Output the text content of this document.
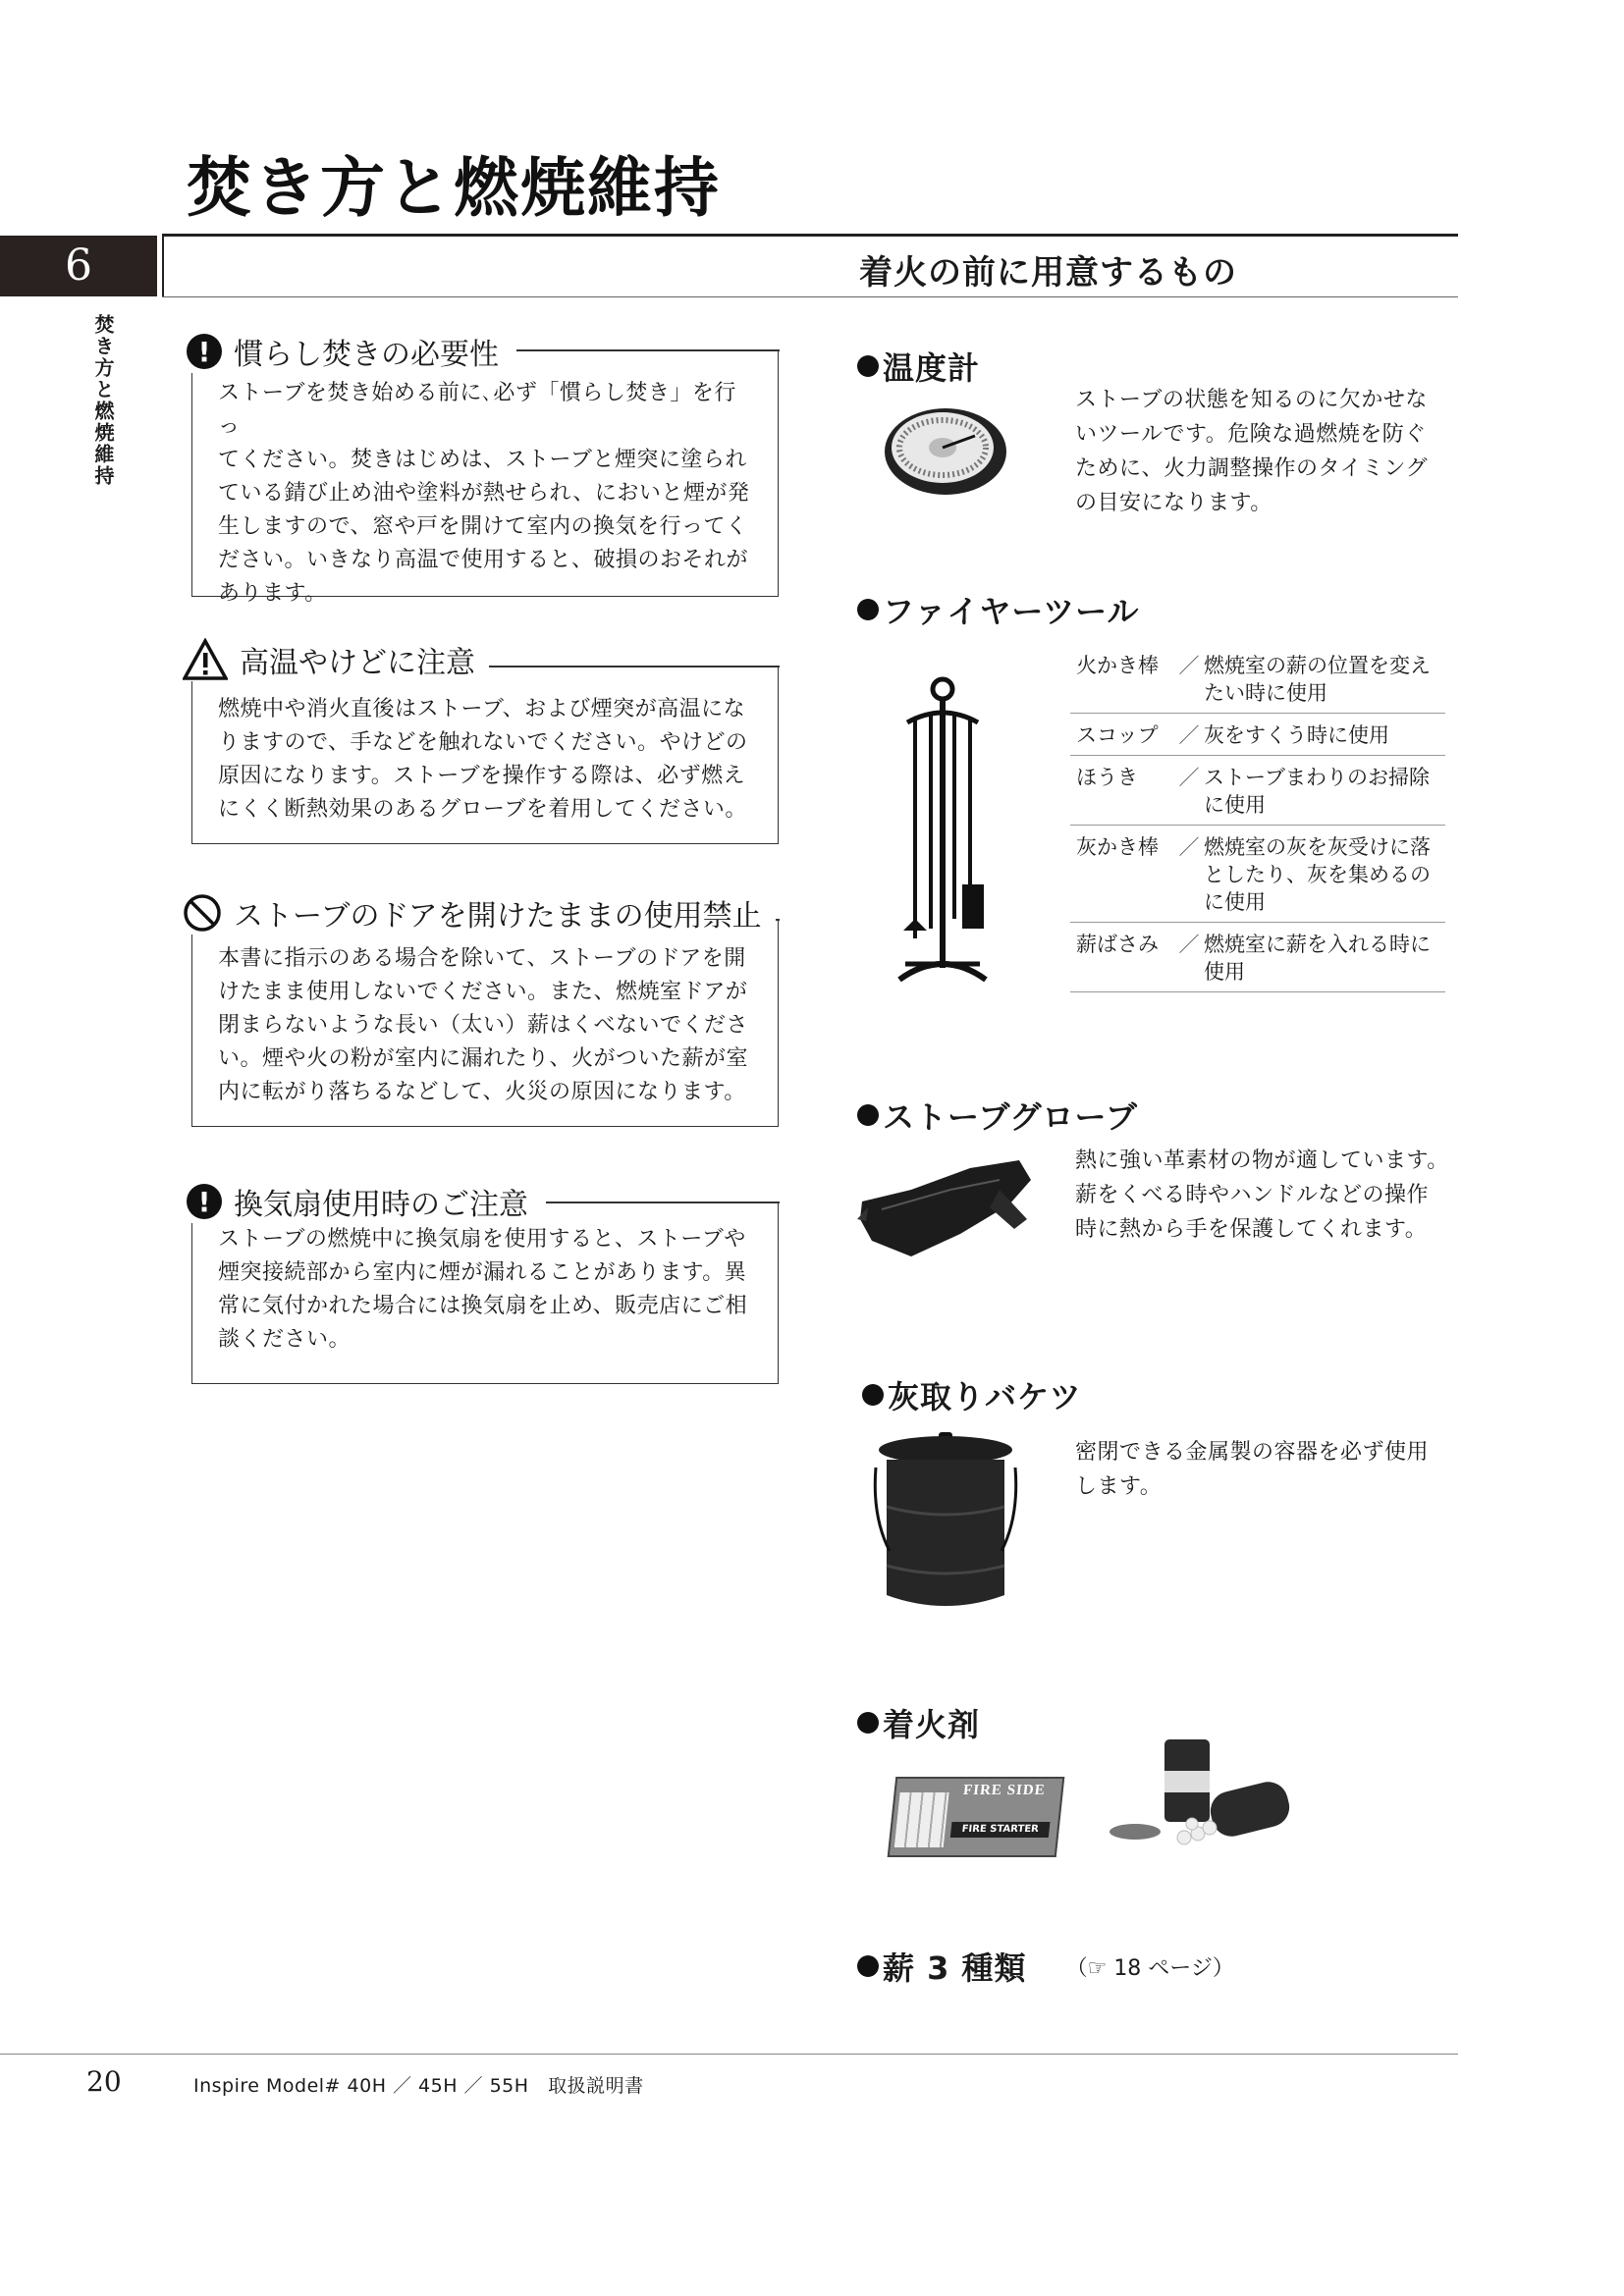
焚き方と燃焼維持
6	着火の前に用意するもの
焚き方と燃焼維持	ストーブを焚き始める前に､必ず「慣らし焚き」を行っ
てください。焚きはじめは、ストーブと煙突に塗られ
ている錆び止め油や塗料が熱せられ、においと煙が発
生しますので、窓や戸を開けて室内の換気を行ってく
ださい。いきなり高温で使用すると、破損のおそれが
あります。
! 慣らし焚きの必要性
燃焼中や消火直後はストーブ、および煙突が高温にな
りますので、手などを触れないでください。やけどの
原因になります。ストーブを操作する際は、必ず燃え
にくく断熱効果のあるグローブを着用してください。
高温やけどに注意
本書に指示のある場合を除いて、ストーブのドアを開
けたまま使用しないでください。また、燃焼室ドアが
閉まらないような長い（太い）薪はくべないでくださ
い。煙や火の粉が室内に漏れたり、火がついた薪が室
内に転がり落ちるなどして、火災の原因になります。
ストーブのドアを開けたままの使用禁止
ストーブの燃焼中に換気扇を使用すると、ストーブや
煙突接続部から室内に煙が漏れることがあります。異
常に気付かれた場合には換気扇を止め、販売店にご相
談ください。
! 換気扇使用時のご注意
温度計
ストーブの状態を知るのに欠かせな
いツールです。危険な過燃焼を防ぐ
ために、火力調整操作のタイミング
の目安になります。
ファイヤーツール
火かき棒 ／ 燃焼室の薪の位置を変えたい時に使用
スコップ ／ 灰をすくう時に使用
ほうき	／ ストーブまわりのお掃除に使用
灰かき棒 ／ 燃焼室の灰を灰受けに落としたり、灰を集めるのに使用
薪ばさみ ／ 燃焼室に薪を入れる時に使用
ストーブグローブ
熱に強い革素材の物が適しています。
薪をくべる時やハンドルなどの操作
時に熱から手を保護してくれます。
灰取りバケツ
密閉できる金属製の容器を必ず使用
します。
着火剤
FIRE SIDE
FIRE STARTER
薪 3 種類 （☞ 18 ページ）
20	Inspire Model# 40H ／ 45H ／ 55H　取扱説明書
